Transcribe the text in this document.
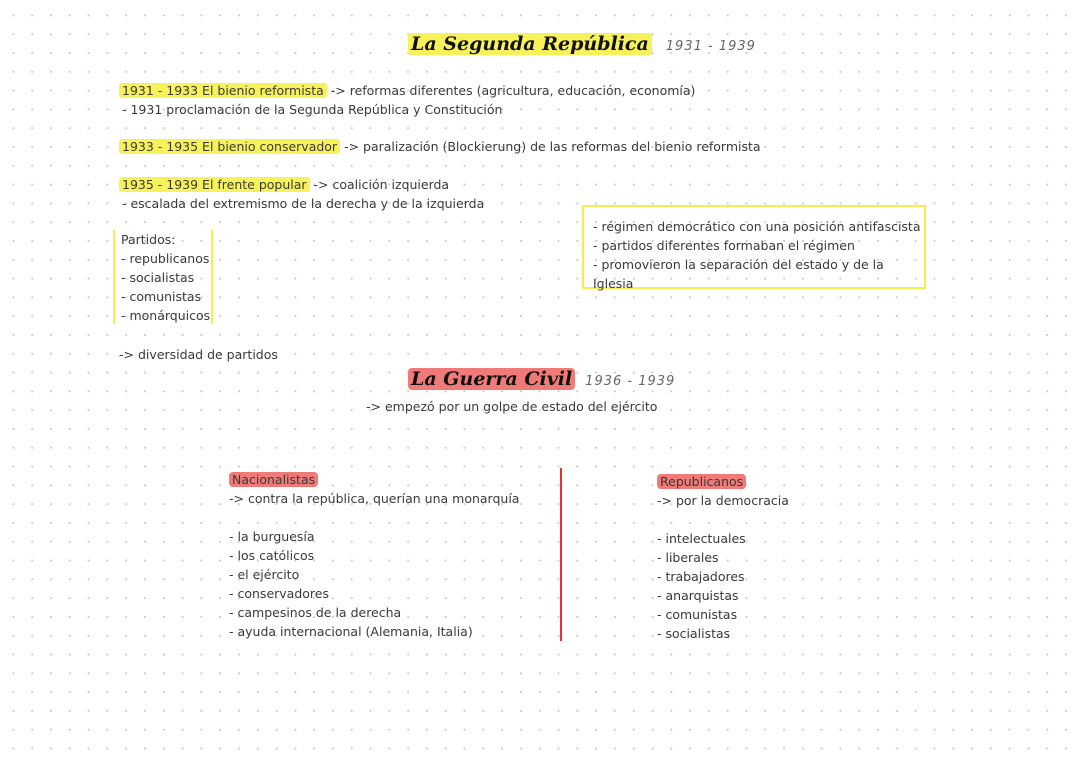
La Segunda República 1931 - 1939
1931 - 1933 El bienio reformista -> reformas diferentes (agricultura, educación, economía)
- 1931 proclamación de la Segunda República y Constitución
1933 - 1935 El bienio conservador -> paralización (Blockierung) de las reformas del bienio reformista
1935 - 1939 El frente popular -> coalición izquierda
- escalada del extremismo de la derecha y de la izquierda
Partidos:
- republicanos
- socialistas
- comunistas
- monárquicos
-> diversidad de partidos
- régimen democrático con una posición antifascista
- partidos diferentes formaban el régimen
- promovieron la separación del estado y de la Iglesia
La Guerra Civil 1936 - 1939
-> empezó por un golpe de estado del ejército
Nacionalistas
-> contra la república, querían una monarquía
- la burguesía
- los católicos
- el ejército
- conservadores
- campesinos de la derecha
- ayuda internacional (Alemania, Italia)
Republicanos
-> por la democracia
- intelectuales
- liberales
- trabajadores
- anarquistas
- comunistas
- socialistas
